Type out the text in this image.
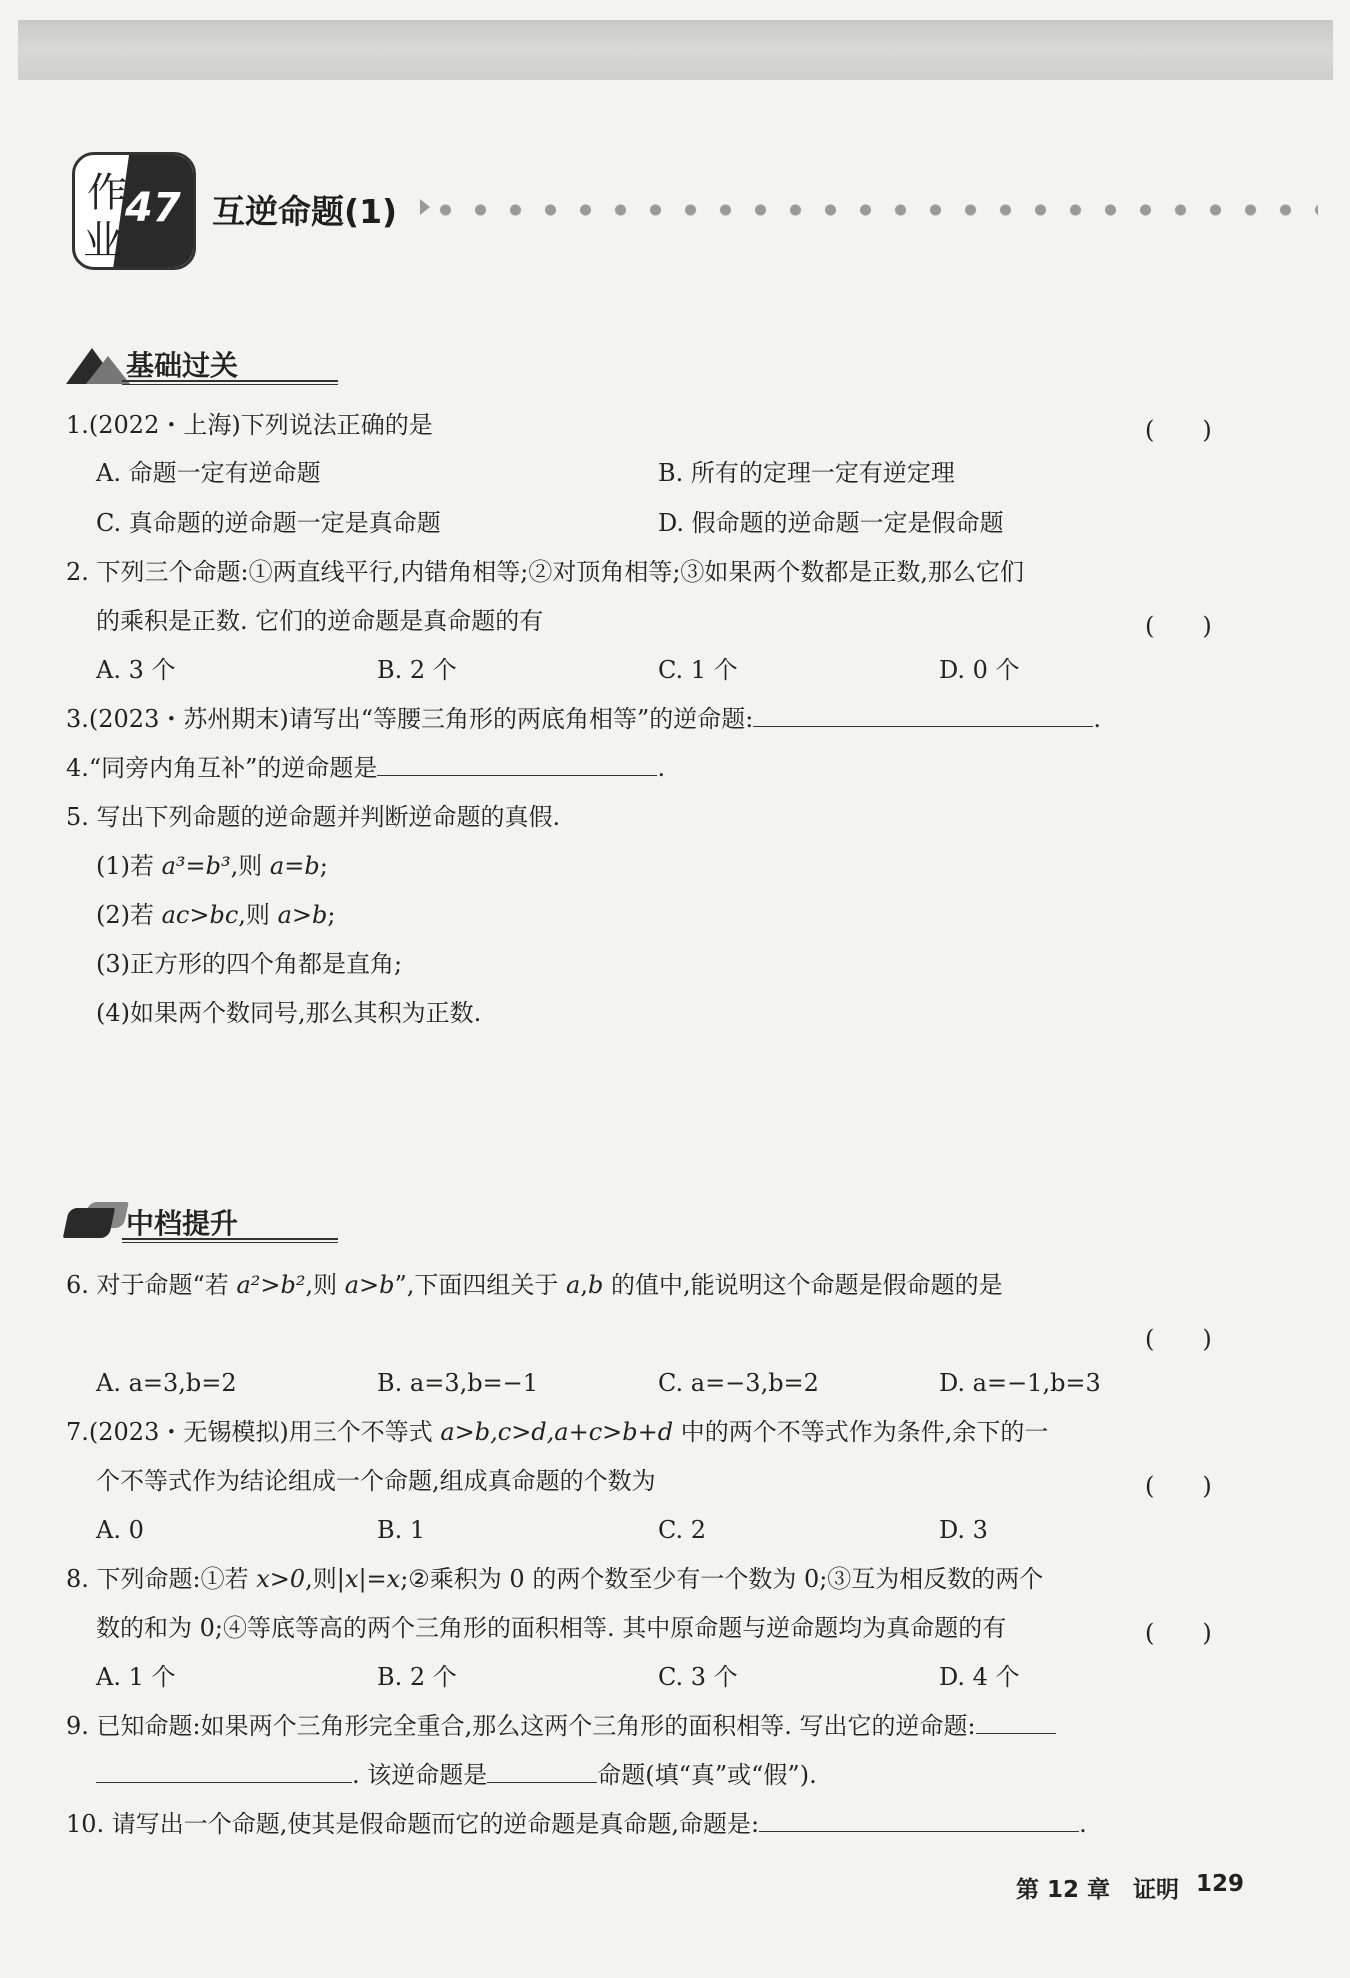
作
业
47 互逆命题(1)
基础过关
1.(2022・上海)下列说法正确的是	(　　)
A. 命题一定有逆命题	B. 所有的定理一定有逆定理
C. 真命题的逆命题一定是真命题	D. 假命题的逆命题一定是假命题
2. 下列三个命题:①两直线平行,内错角相等;②对顶角相等;③如果两个数都是正数,那么它们
的乘积是正数. 它们的逆命题是真命题的有	(　　)
A. 3 个	B. 2 个	C. 1 个	D. 0 个
3.(2023・苏州期末)请写出“等腰三角形的两底角相等”的逆命题:	.
4.“同旁内角互补”的逆命题是	.
5. 写出下列命题的逆命题并判断逆命题的真假.
(1)若 a³=b³,则 a=b;
(2)若 ac>bc,则 a>b;
(3)正方形的四个角都是直角;
(4)如果两个数同号,那么其积为正数.
中档提升
6. 对于命题“若 a²>b²,则 a>b”,下面四组关于 a,b 的值中,能说明这个命题是假命题的是
(　　)
A. a=3,b=2	B. a=3,b=−1	C. a=−3,b=2	D. a=−1,b=3
7.(2023・无锡模拟)用三个不等式 a>b,c>d,a+c>b+d 中的两个不等式作为条件,余下的一
个不等式作为结论组成一个命题,组成真命题的个数为	(　　)
A. 0	B. 1	C. 2	D. 3
8. 下列命题:①若 x>0,则|x|=x;②乘积为 0 的两个数至少有一个数为 0;③互为相反数的两个
数的和为 0;④等底等高的两个三角形的面积相等. 其中原命题与逆命题均为真命题的有	(　　)
A. 1 个	B. 2 个	C. 3 个	D. 4 个
9. 已知命题:如果两个三角形完全重合,那么这两个三角形的面积相等. 写出它的逆命题:
. 该逆命题是	命题(填“真”或“假”).
10. 请写出一个命题,使其是假命题而它的逆命题是真命题,命题是:	.
第 12 章　证明 129
